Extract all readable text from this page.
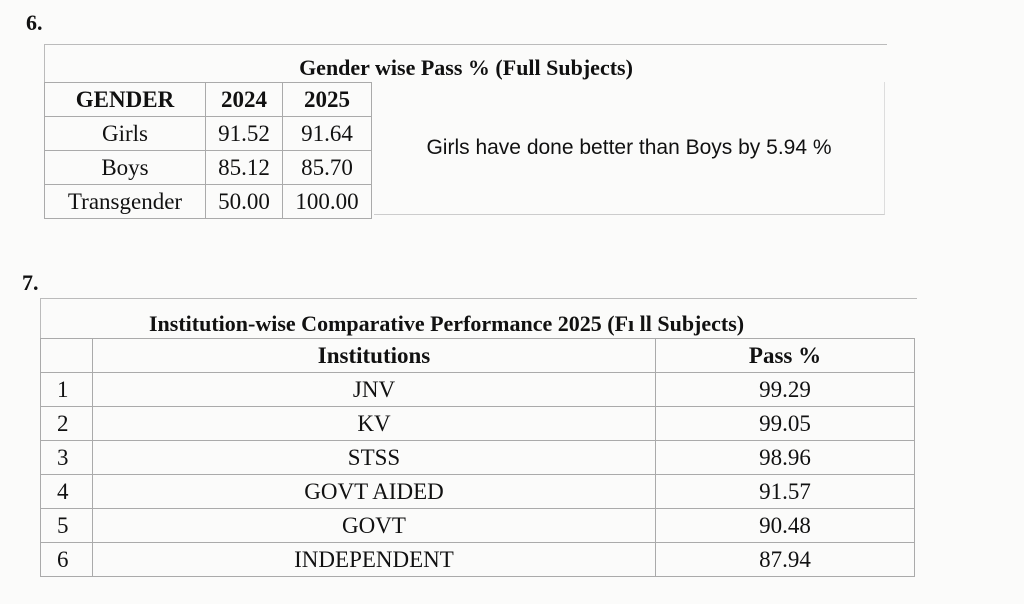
6.
Gender wise Pass % (Full Subjects)
GENDER	2024	2025
Girls	91.52	91.64
Boys	85.12	85.70
Transgender	50.00	100.00
Girls have done better than Boys by 5.94 %
7.
Institution-wise Comparative Performance 2025 (Fı ll Subjects)
	Institutions	Pass %
1	JNV	99.29
2	KV	99.05
3	STSS	98.96
4	GOVT AIDED	91.57
5	GOVT	90.48
6	INDEPENDENT	87.94
